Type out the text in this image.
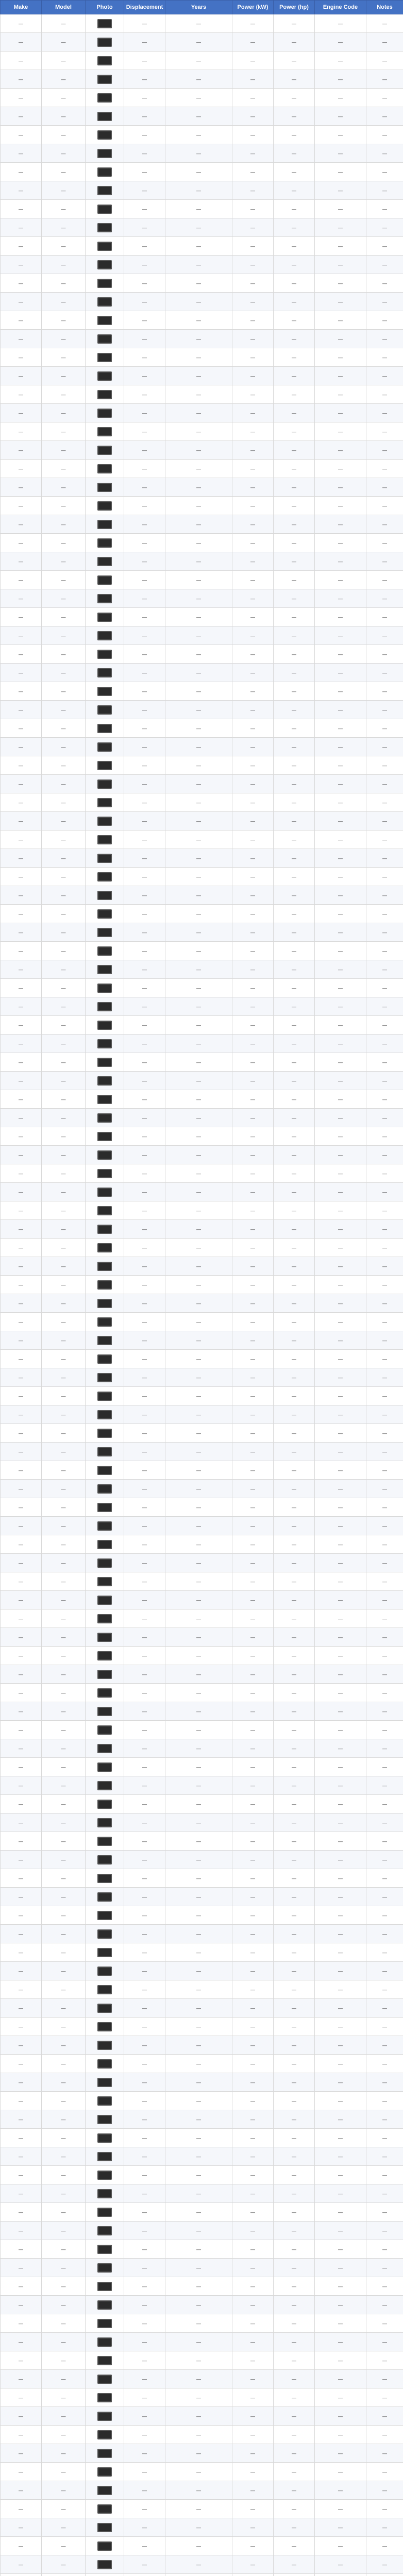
Make	Model	Photo	Displacement	Years	Power (kW)	Power (hp)	Engine Code	Notes
—	—		—	—	—	—	—	—
—	—		—	—	—	—	—	—
—	—		—	—	—	—	—	—
—	—		—	—	—	—	—	—
—	—		—	—	—	—	—	—
—	—		—	—	—	—	—	—
—	—		—	—	—	—	—	—
—	—		—	—	—	—	—	—
—	—		—	—	—	—	—	—
—	—		—	—	—	—	—	—
—	—		—	—	—	—	—	—
—	—		—	—	—	—	—	—
—	—		—	—	—	—	—	—
—	—		—	—	—	—	—	—
—	—		—	—	—	—	—	—
—	—		—	—	—	—	—	—
—	—		—	—	—	—	—	—
—	—		—	—	—	—	—	—
—	—		—	—	—	—	—	—
—	—		—	—	—	—	—	—
—	—		—	—	—	—	—	—
—	—		—	—	—	—	—	—
—	—		—	—	—	—	—	—
—	—		—	—	—	—	—	—
—	—		—	—	—	—	—	—
—	—		—	—	—	—	—	—
—	—		—	—	—	—	—	—
—	—		—	—	—	—	—	—
—	—		—	—	—	—	—	—
—	—		—	—	—	—	—	—
—	—		—	—	—	—	—	—
—	—		—	—	—	—	—	—
—	—		—	—	—	—	—	—
—	—		—	—	—	—	—	—
—	—		—	—	—	—	—	—
—	—		—	—	—	—	—	—
—	—		—	—	—	—	—	—
—	—		—	—	—	—	—	—
—	—		—	—	—	—	—	—
—	—		—	—	—	—	—	—
—	—		—	—	—	—	—	—
—	—		—	—	—	—	—	—
—	—		—	—	—	—	—	—
—	—		—	—	—	—	—	—
—	—		—	—	—	—	—	—
—	—		—	—	—	—	—	—
—	—		—	—	—	—	—	—
—	—		—	—	—	—	—	—
—	—		—	—	—	—	—	—
—	—		—	—	—	—	—	—
—	—		—	—	—	—	—	—
—	—		—	—	—	—	—	—
—	—		—	—	—	—	—	—
—	—		—	—	—	—	—	—
—	—		—	—	—	—	—	—
—	—		—	—	—	—	—	—
—	—		—	—	—	—	—	—
—	—		—	—	—	—	—	—
—	—		—	—	—	—	—	—
—	—		—	—	—	—	—	—
—	—		—	—	—	—	—	—
—	—		—	—	—	—	—	—
—	—		—	—	—	—	—	—
—	—		—	—	—	—	—	—
—	—		—	—	—	—	—	—
—	—		—	—	—	—	—	—
—	—		—	—	—	—	—	—
—	—		—	—	—	—	—	—
—	—		—	—	—	—	—	—
—	—		—	—	—	—	—	—
—	—		—	—	—	—	—	—
—	—		—	—	—	—	—	—
—	—		—	—	—	—	—	—
—	—		—	—	—	—	—	—
—	—		—	—	—	—	—	—
—	—		—	—	—	—	—	—
—	—		—	—	—	—	—	—
—	—		—	—	—	—	—	—
—	—		—	—	—	—	—	—
—	—		—	—	—	—	—	—
—	—		—	—	—	—	—	—
—	—		—	—	—	—	—	—
—	—		—	—	—	—	—	—
—	—		—	—	—	—	—	—
—	—		—	—	—	—	—	—
—	—		—	—	—	—	—	—
—	—		—	—	—	—	—	—
—	—		—	—	—	—	—	—
—	—		—	—	—	—	—	—
—	—		—	—	—	—	—	—
—	—		—	—	—	—	—	—
—	—		—	—	—	—	—	—
—	—		—	—	—	—	—	—
—	—		—	—	—	—	—	—
—	—		—	—	—	—	—	—
—	—		—	—	—	—	—	—
—	—		—	—	—	—	—	—
—	—		—	—	—	—	—	—
—	—		—	—	—	—	—	—
—	—		—	—	—	—	—	—
—	—		—	—	—	—	—	—
—	—		—	—	—	—	—	—
—	—		—	—	—	—	—	—
—	—		—	—	—	—	—	—
—	—		—	—	—	—	—	—
—	—		—	—	—	—	—	—
—	—		—	—	—	—	—	—
—	—		—	—	—	—	—	—
—	—		—	—	—	—	—	—
—	—		—	—	—	—	—	—
—	—		—	—	—	—	—	—
—	—		—	—	—	—	—	—
—	—		—	—	—	—	—	—
—	—		—	—	—	—	—	—
—	—		—	—	—	—	—	—
—	—		—	—	—	—	—	—
—	—		—	—	—	—	—	—
—	—		—	—	—	—	—	—
—	—		—	—	—	—	—	—
—	—		—	—	—	—	—	—
—	—		—	—	—	—	—	—
—	—		—	—	—	—	—	—
—	—		—	—	—	—	—	—
—	—		—	—	—	—	—	—
—	—		—	—	—	—	—	—
—	—		—	—	—	—	—	—
—	—		—	—	—	—	—	—
—	—		—	—	—	—	—	—
—	—		—	—	—	—	—	—
—	—		—	—	—	—	—	—
—	—		—	—	—	—	—	—
—	—		—	—	—	—	—	—
—	—		—	—	—	—	—	—
—	—		—	—	—	—	—	—
—	—		—	—	—	—	—	—
—	—		—	—	—	—	—	—
—	—		—	—	—	—	—	—
—	—		—	—	—	—	—	—
